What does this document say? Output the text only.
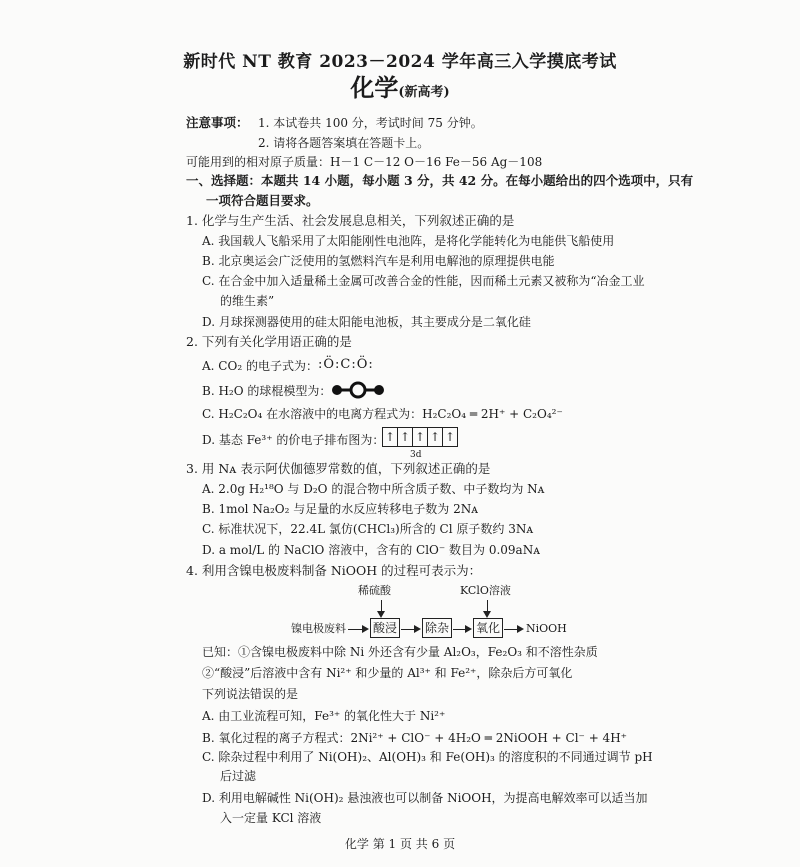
新时代 NT 教育 2023－2024 学年高三入学摸底考试
化学(新高考)
注意事项： 1. 本试卷共 100 分，考试时间 75 分钟。
2. 请将各题答案填在答题卡上。
可能用到的相对原子质量：H－1 C－12 O－16 Fe－56 Ag－108
一、选择题：本题共 14 小题，每小题 3 分，共 42 分。在每小题给出的四个选项中，只有
一项符合题目要求。
1. 化学与生产生活、社会发展息息相关，下列叙述正确的是
A. 我国载人飞船采用了太阳能刚性电池阵，是将化学能转化为电能供飞船使用
B. 北京奥运会广泛使用的氢燃料汽车是利用电解池的原理提供电能
C. 在合金中加入适量稀土金属可改善合金的性能，因而稀土元素又被称为“冶金工业
的维生素”
D. 月球探测器使用的硅太阳能电池板，其主要成分是二氧化硅
2. 下列有关化学用语正确的是
A. CO₂ 的电子式为： :Ö:C:Ö:
B. H₂O 的球棍模型为：
C. H₂C₂O₄ 在水溶液中的电离方程式为：H₂C₂O₄ ═ 2H⁺ + C₂O₄²⁻
D. 基态 Fe³⁺ 的价电子排布图为： ↑ ↑ ↑ ↑ ↑
3d
3. 用 Nᴀ 表示阿伏伽德罗常数的值，下列叙述正确的是
A. 2.0g H₂¹⁸O 与 D₂O 的混合物中所含质子数、中子数均为 Nᴀ
B. 1mol Na₂O₂ 与足量的水反应转移电子数为 2Nᴀ
C. 标准状况下，22.4L 氯仿(CHCl₃)所含的 Cl 原子数约 3Nᴀ
D. a mol/L 的 NaClO 溶液中，含有的 ClO⁻ 数目为 0.09aNᴀ
4. 利用含镍电极废料制备 NiOOH 的过程可表示为：
稀硫酸	KClO溶液
镍电极废料 酸浸 除杂 氧化 NiOOH
已知：①含镍电极废料中除 Ni 外还含有少量 Al₂O₃，Fe₂O₃ 和不溶性杂质
②“酸浸”后溶液中含有 Ni²⁺ 和少量的 Al³⁺ 和 Fe²⁺，除杂后方可氧化
下列说法错误的是
A. 由工业流程可知，Fe³⁺ 的氧化性大于 Ni²⁺
B. 氧化过程的离子方程式：2Ni²⁺ + ClO⁻ + 4H₂O ═ 2NiOOH + Cl⁻ + 4H⁺
C. 除杂过程中利用了 Ni(OH)₂、Al(OH)₃ 和 Fe(OH)₃ 的溶度积的不同通过调节 pH
后过滤
D. 利用电解碱性 Ni(OH)₂ 悬浊液也可以制备 NiOOH，为提高电解效率可以适当加
入一定量 KCl 溶液
化学 第 1 页 共 6 页
